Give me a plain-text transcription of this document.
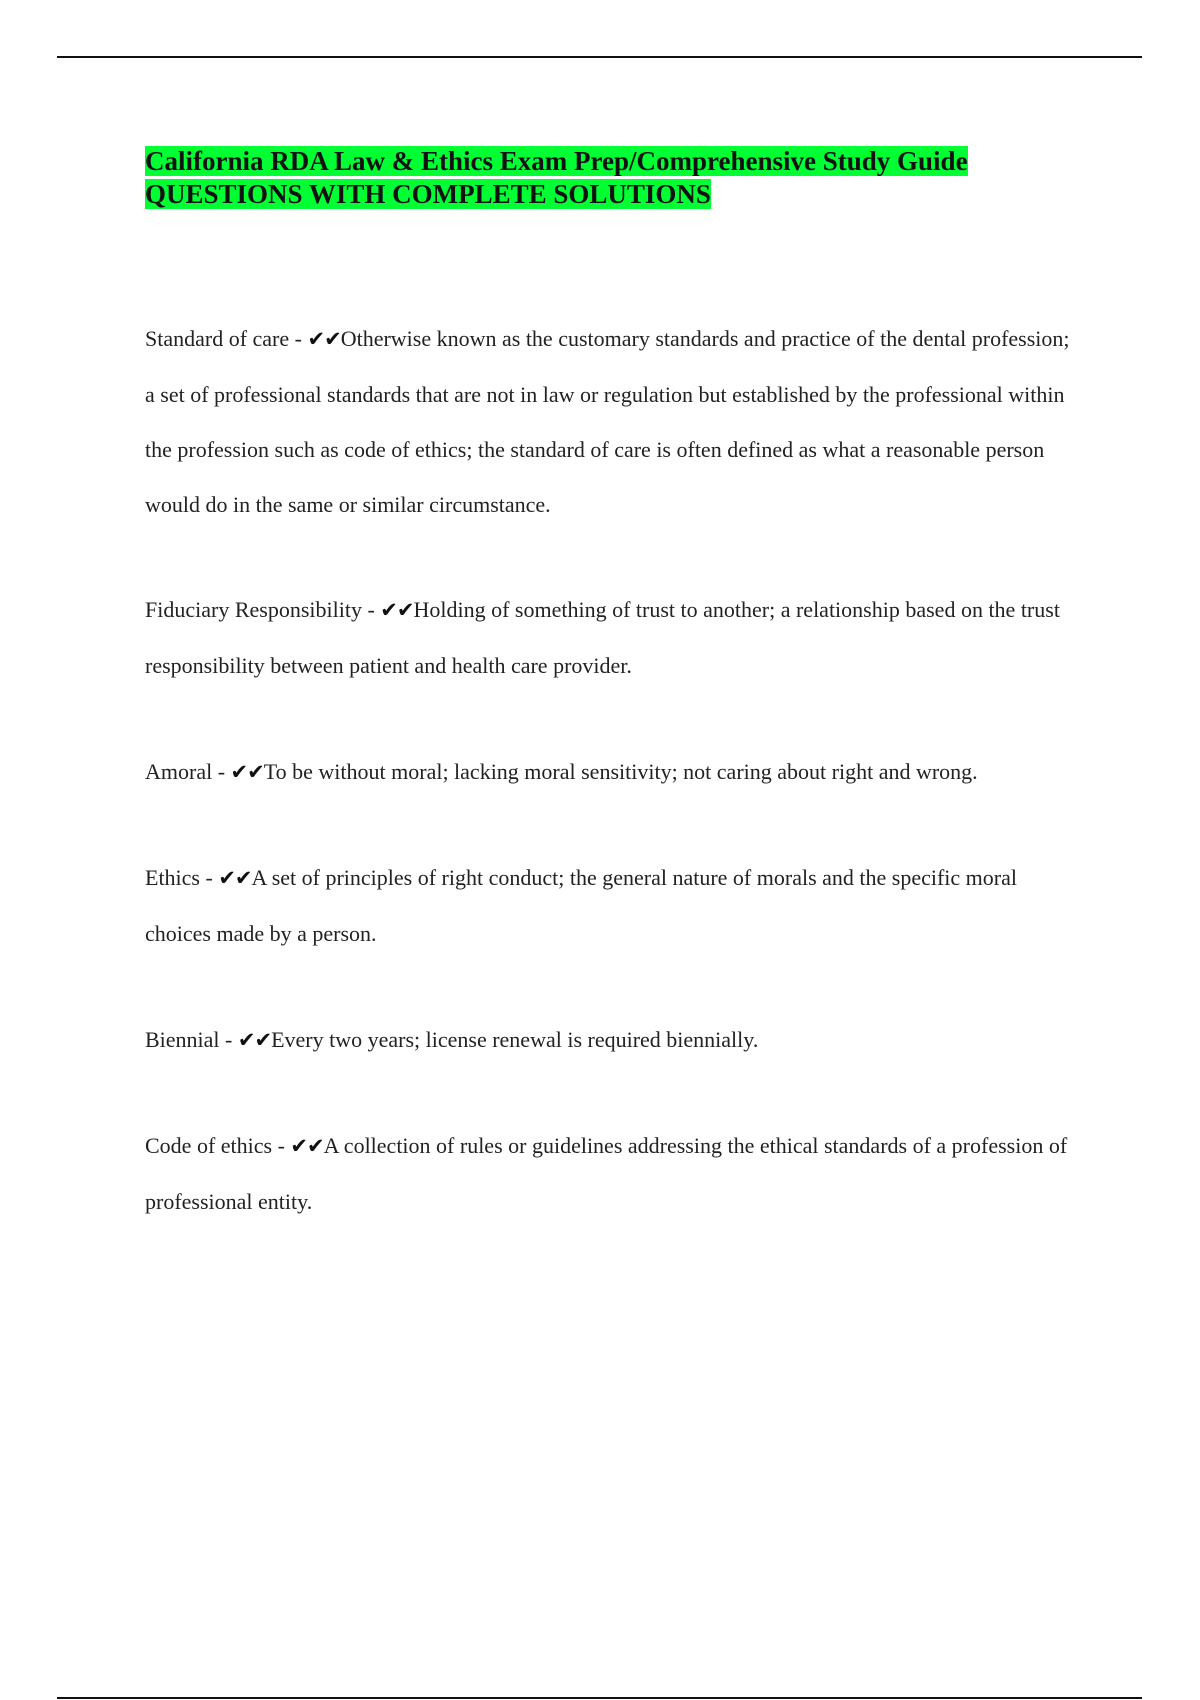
California RDA Law & Ethics Exam Prep/Comprehensive Study Guide
QUESTIONS WITH COMPLETE SOLUTIONS

Standard of care - ✔✔Otherwise known as the customary standards and practice of the dental profession; a set of professional standards that are not in law or regulation but established by the professional within the profession such as code of ethics; the standard of care is often defined as what a reasonable person would do in the same or similar circumstance.

Fiduciary Responsibility - ✔✔Holding of something of trust to another; a relationship based on the trust responsibility between patient and health care provider.

Amoral - ✔✔To be without moral; lacking moral sensitivity; not caring about right and wrong.

Ethics - ✔✔A set of principles of right conduct; the general nature of morals and the specific moral choices made by a person.

Biennial - ✔✔Every two years; license renewal is required biennially.

Code of ethics - ✔✔A collection of rules or guidelines addressing the ethical standards of a profession of professional entity.
